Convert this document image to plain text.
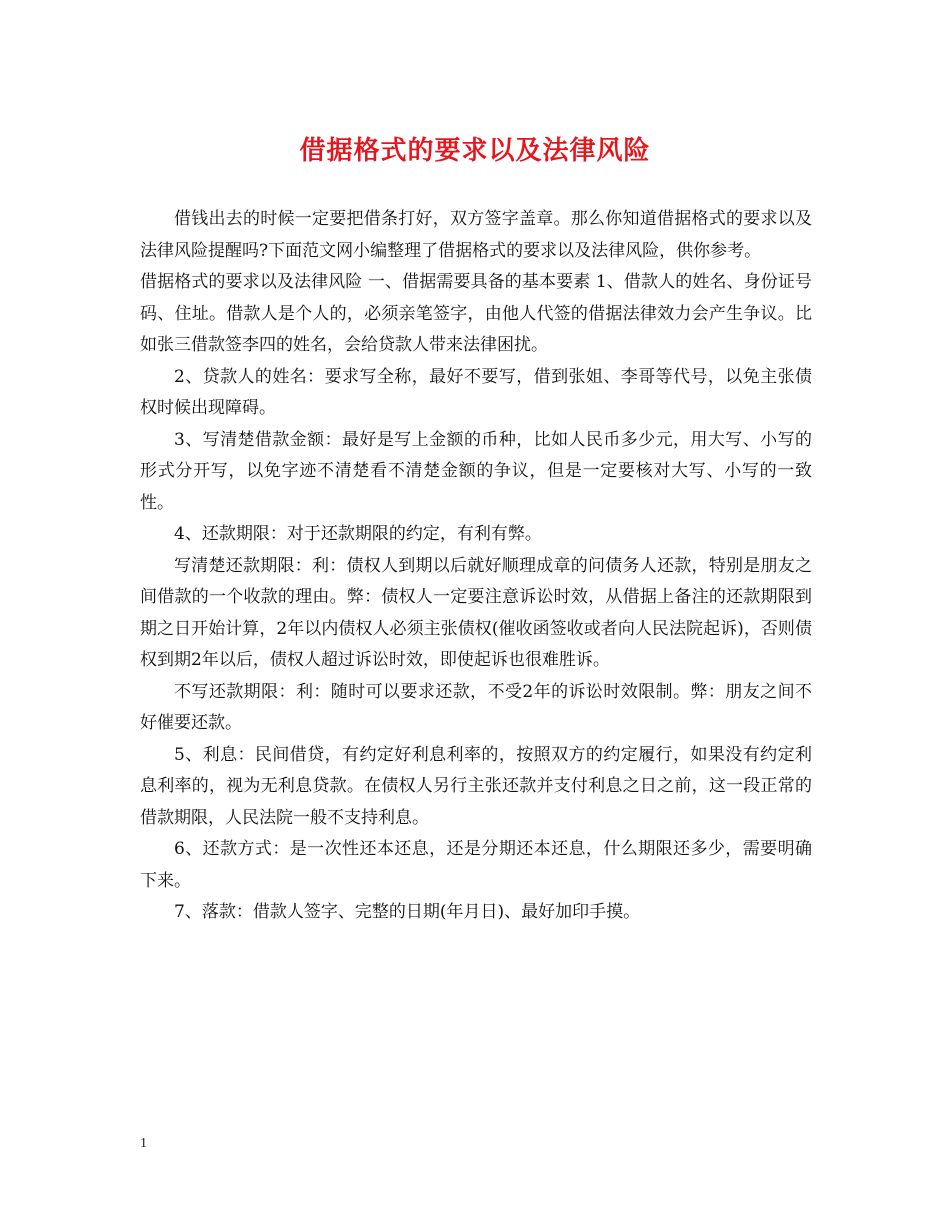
借据格式的要求以及法律风险

借钱出去的时候一定要把借条打好，双方签字盖章。那么你知道借据格式的要求以及法律风险提醒吗?下面范文网小编整理了借据格式的要求以及法律风险，供你参考。

借据格式的要求以及法律风险 一、借据需要具备的基本要素 1、借款人的姓名、身份证号码、住址。借款人是个人的，必须亲笔签字，由他人代签的借据法律效力会产生争议。比如张三借款签李四的姓名，会给贷款人带来法律困扰。

2、贷款人的姓名：要求写全称，最好不要写，借到张姐、李哥等代号，以免主张债权时候出现障碍。

3、写清楚借款金额：最好是写上金额的币种，比如人民币多少元，用大写、小写的形式分开写，以免字迹不清楚看不清楚金额的争议，但是一定要核对大写、小写的一致性。

4、还款期限：对于还款期限的约定，有利有弊。

写清楚还款期限：利：债权人到期以后就好顺理成章的问债务人还款，特别是朋友之间借款的一个收款的理由。弊：债权人一定要注意诉讼时效，从借据上备注的还款期限到期之日开始计算，2年以内债权人必须主张债权(催收函签收或者向人民法院起诉)，否则债权到期2年以后，债权人超过诉讼时效，即使起诉也很难胜诉。

不写还款期限：利：随时可以要求还款，不受2年的诉讼时效限制。弊：朋友之间不好催要还款。

5、利息：民间借贷，有约定好利息利率的，按照双方的约定履行，如果没有约定利息利率的，视为无利息贷款。在债权人另行主张还款并支付利息之日之前，这一段正常的借款期限，人民法院一般不支持利息。

6、还款方式：是一次性还本还息，还是分期还本还息，什么期限还多少，需要明确下来。

7、落款：借款人签字、完整的日期(年月日)、最好加印手摸。

1
